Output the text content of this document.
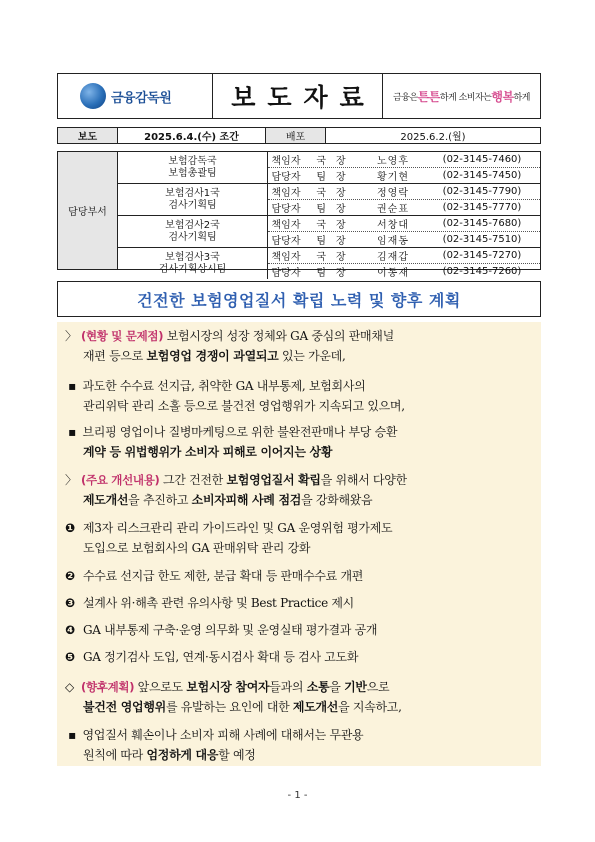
금융감독원	보도자료	금융은 튼튼 하게 소비자는 행복 하게
보도	2025.6.4.(수) 조간	배포	2025.6.2.(월)
담당부서
보험감독국
보험총괄팀
책임자	국장	노영후	(02-3145-7460)
담당자	팀장	황기현	(02-3145-7450)
보험검사1국
검사기획팀
책임자	국장	정영락	(02-3145-7790)
담당자	팀장	권순표	(02-3145-7770)
보험검사2국
검사기획팀
책임자	국장	서창대	(02-3145-7680)
담당자	팀장	임재동	(02-3145-7510)
보험검사3국
검사기획상시팀
책임자	국장	김재갑	(02-3145-7270)
담당자	팀장	이동재	(02-3145-7260)
건전한 보험영업질서 확립 노력 및 향후 계획
〉 (현황 및 문제점) 보험시장의 성장 정체와 GA 중심의 판매채널
재편 등으로 보험영업 경쟁이 과열되고 있는 가운데,
▪ 과도한 수수료 선지급, 취약한 GA 내부통제, 보험회사의
관리위탁 관리 소홀 등으로 불건전 영업행위가 지속되고 있으며,
▪ 브리핑 영업이나 질병마케팅으로 위한 불완전판매나 부당 승환
계약 등 위법행위가 소비자 피해로 이어지는 상황
〉 (주요 개선내용) 그간 건전한 보험영업질서 확립을 위해서 다양한
제도개선을 추진하고 소비자피해 사례 점검을 강화해왔음
❶ 제3자 리스크관리 관리 가이드라인 및 GA 운영위험 평가제도
도입으로 보험회사의 GA 판매위탁 관리 강화
❷ 수수료 선지급 한도 제한, 분급 확대 등 판매수수료 개편
❸ 설계사 위·해촉 관련 유의사항 및 Best Practice 제시
❹ GA 내부통제 구축·운영 의무화 및 운영실태 평가결과 공개
❺ GA 정기검사 도입, 연계·동시검사 확대 등 검사 고도화
◇ (향후계획) 앞으로도 보험시장 참여자들과의 소통을 기반으로
불건전 영업행위를 유발하는 요인에 대한 제도개선을 지속하고,
▪ 영업질서 훼손이나 소비자 피해 사례에 대해서는 무관용
원칙에 따라 엄정하게 대응할 예정
- 1 -
